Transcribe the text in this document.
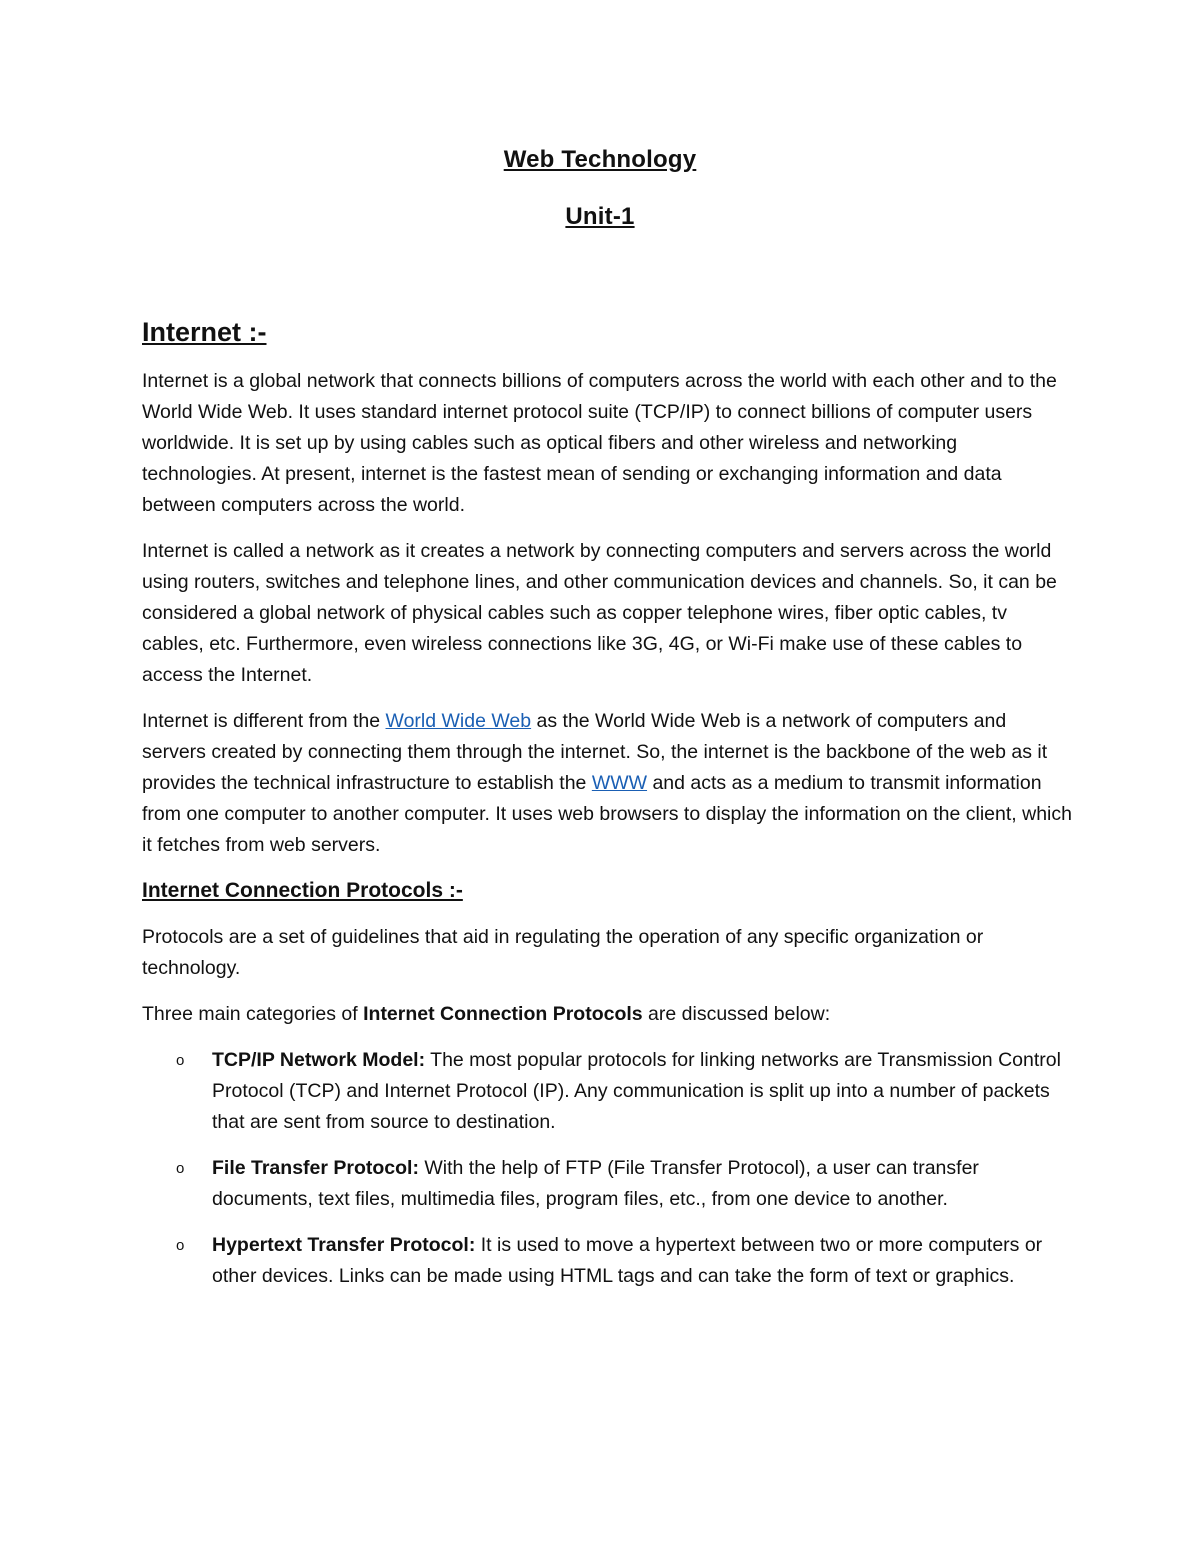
Web Technology
Unit-1
Internet :-

Internet is a global network that connects billions of computers across the world with each other and to the World Wide Web. It uses standard internet protocol suite (TCP/IP) to connect billions of computer users worldwide. It is set up by using cables such as optical fibers and other wireless and networking technologies. At present, internet is the fastest mean of sending or exchanging information and data between computers across the world.

Internet is called a network as it creates a network by connecting computers and servers across the world using routers, switches and telephone lines, and other communication devices and channels. So, it can be considered a global network of physical cables such as copper telephone wires, fiber optic cables, tv cables, etc. Furthermore, even wireless connections like 3G, 4G, or Wi-Fi make use of these cables to access the Internet.

Internet is different from the World Wide Web as the World Wide Web is a network of computers and servers created by connecting them through the internet. So, the internet is the backbone of the web as it provides the technical infrastructure to establish the WWW and acts as a medium to transmit information from one computer to another computer. It uses web browsers to display the information on the client, which it fetches from web servers.

Internet Connection Protocols :-

Protocols are a set of guidelines that aid in regulating the operation of any specific organization or technology.

Three main categories of Internet Connection Protocols are discussed below:

o TCP/IP Network Model: The most popular protocols for linking networks are Transmission Control Protocol (TCP) and Internet Protocol (IP). Any communication is split up into a number of packets that are sent from source to destination.
o File Transfer Protocol: With the help of FTP (File Transfer Protocol), a user can transfer documents, text files, multimedia files, program files, etc., from one device to another.
o Hypertext Transfer Protocol: It is used to move a hypertext between two or more computers or other devices. Links can be made using HTML tags and can take the form of text or graphics.
